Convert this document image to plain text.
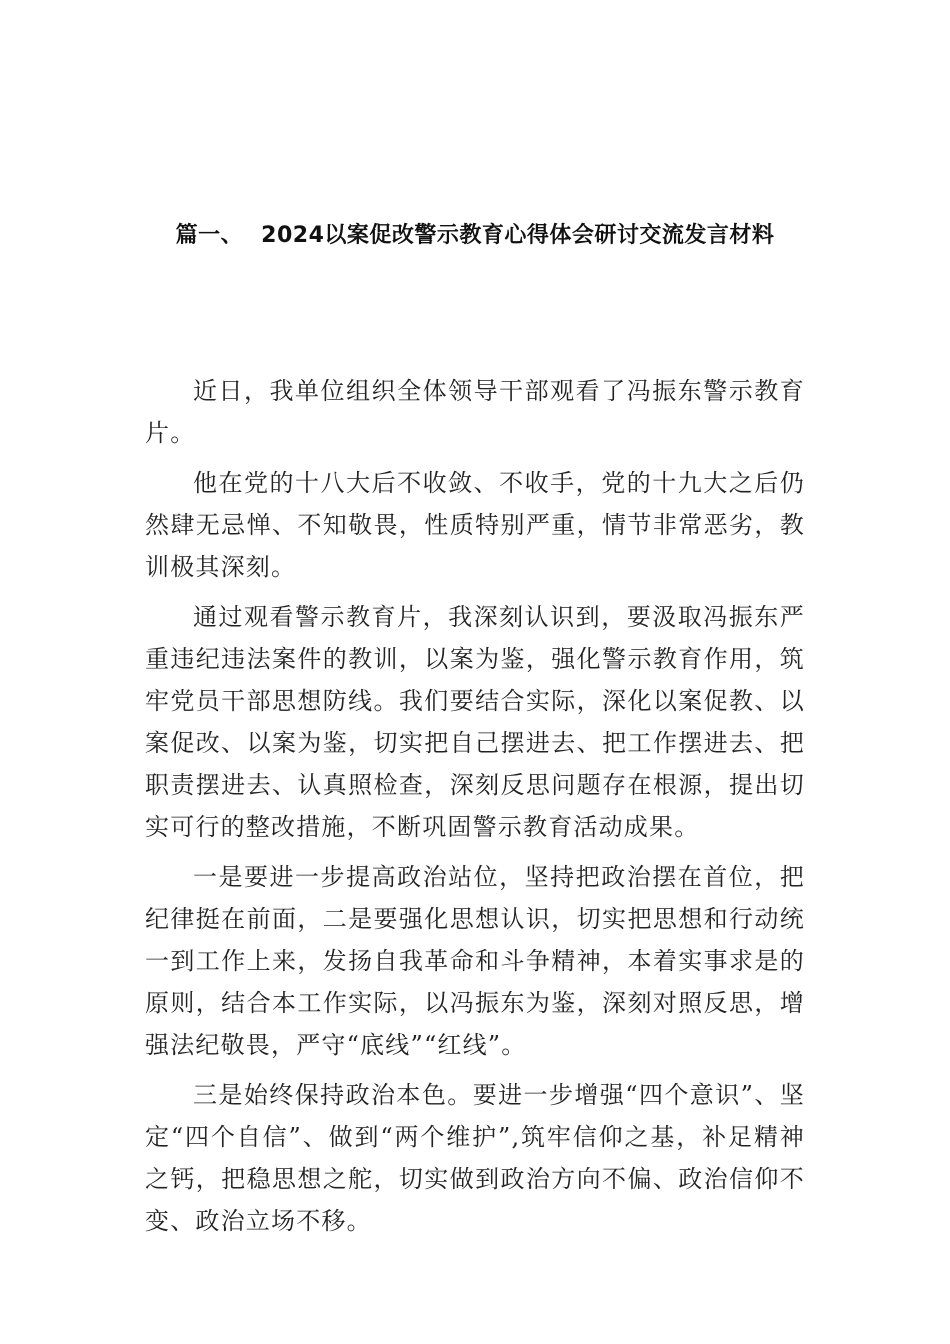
篇一、 2024以案促改警示教育心得体会研讨交流发言材料

近日，我单位组织全体领导干部观看了冯振东警示教育片。

他在党的十八大后不收敛、不收手，党的十九大之后仍然肆无忌惮、不知敬畏，性质特别严重，情节非常恶劣，教训极其深刻。

通过观看警示教育片，我深刻认识到，要汲取冯振东严重违纪违法案件的教训，以案为鉴，强化警示教育作用，筑牢党员干部思想防线。我们要结合实际，深化以案促教、以案促改、以案为鉴，切实把自己摆进去、把工作摆进去、把职责摆进去、认真照检查，深刻反思问题存在根源，提出切实可行的整改措施，不断巩固警示教育活动成果。

一是要进一步提高政治站位，坚持把政治摆在首位，把纪律挺在前面，二是要强化思想认识，切实把思想和行动统一到工作上来，发扬自我革命和斗争精神，本着实事求是的原则，结合本工作实际，以冯振东为鉴，深刻对照反思，增强法纪敬畏，严守“底线”“红线”。

三是始终保持政治本色。要进一步增强“四个意识”、坚定“四个自信”、做到“两个维护”,筑牢信仰之基，补足精神之钙，把稳思想之舵，切实做到政治方向不偏、政治信仰不变、政治立场不移。
